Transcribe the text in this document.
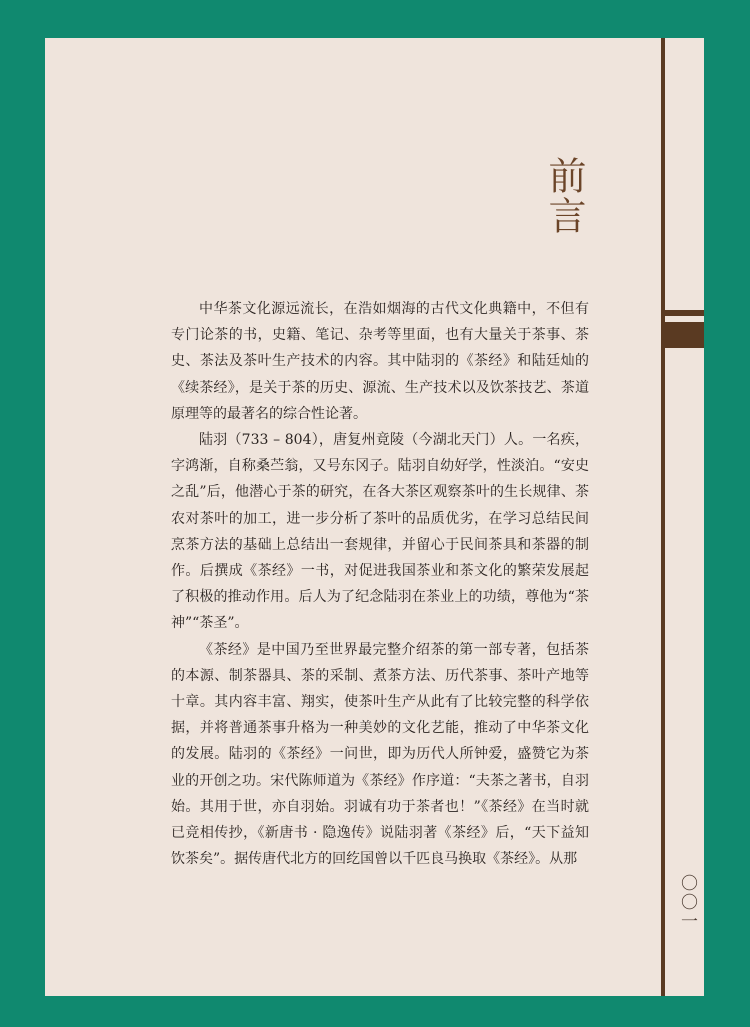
前言

中华茶文化源远流长，在浩如烟海的古代文化典籍中，不但有专门论茶的书，史籍、笔记、杂考等里面，也有大量关于茶事、茶史、茶法及茶叶生产技术的内容。其中陆羽的《茶经》和陆廷灿的《续茶经》，是关于茶的历史、源流、生产技术以及饮茶技艺、茶道原理等的最著名的综合性论著。

陆羽（733 – 804），唐复州竟陵（今湖北天门）人。一名疾，字鸿渐，自称桑苎翁，又号东冈子。陆羽自幼好学，性淡泊。“安史之乱”后，他潜心于茶的研究，在各大茶区观察茶叶的生长规律、茶农对茶叶的加工，进一步分析了茶叶的品质优劣，在学习总结民间烹茶方法的基础上总结出一套规律，并留心于民间茶具和茶器的制作。后撰成《茶经》一书，对促进我国茶业和茶文化的繁荣发展起了积极的推动作用。后人为了纪念陆羽在茶业上的功绩，尊他为“茶神”“茶圣”。

《茶经》是中国乃至世界最完整介绍茶的第一部专著，包括茶的本源、制茶器具、茶的采制、煮茶方法、历代茶事、茶叶产地等十章。其内容丰富、翔实，使茶叶生产从此有了比较完整的科学依据，并将普通茶事升格为一种美妙的文化艺能，推动了中华茶文化的发展。陆羽的《茶经》一问世，即为历代人所钟爱，盛赞它为茶业的开创之功。宋代陈师道为《茶经》作序道：“夫茶之著书，自羽始。其用于世，亦自羽始。羽诚有功于茶者也！”《茶经》在当时就已竞相传抄，《新唐书 · 隐逸传》说陆羽著《茶经》后，“天下益知饮茶矣”。据传唐代北方的回纥国曾以千匹良马换取《茶经》。从那

〇〇一
